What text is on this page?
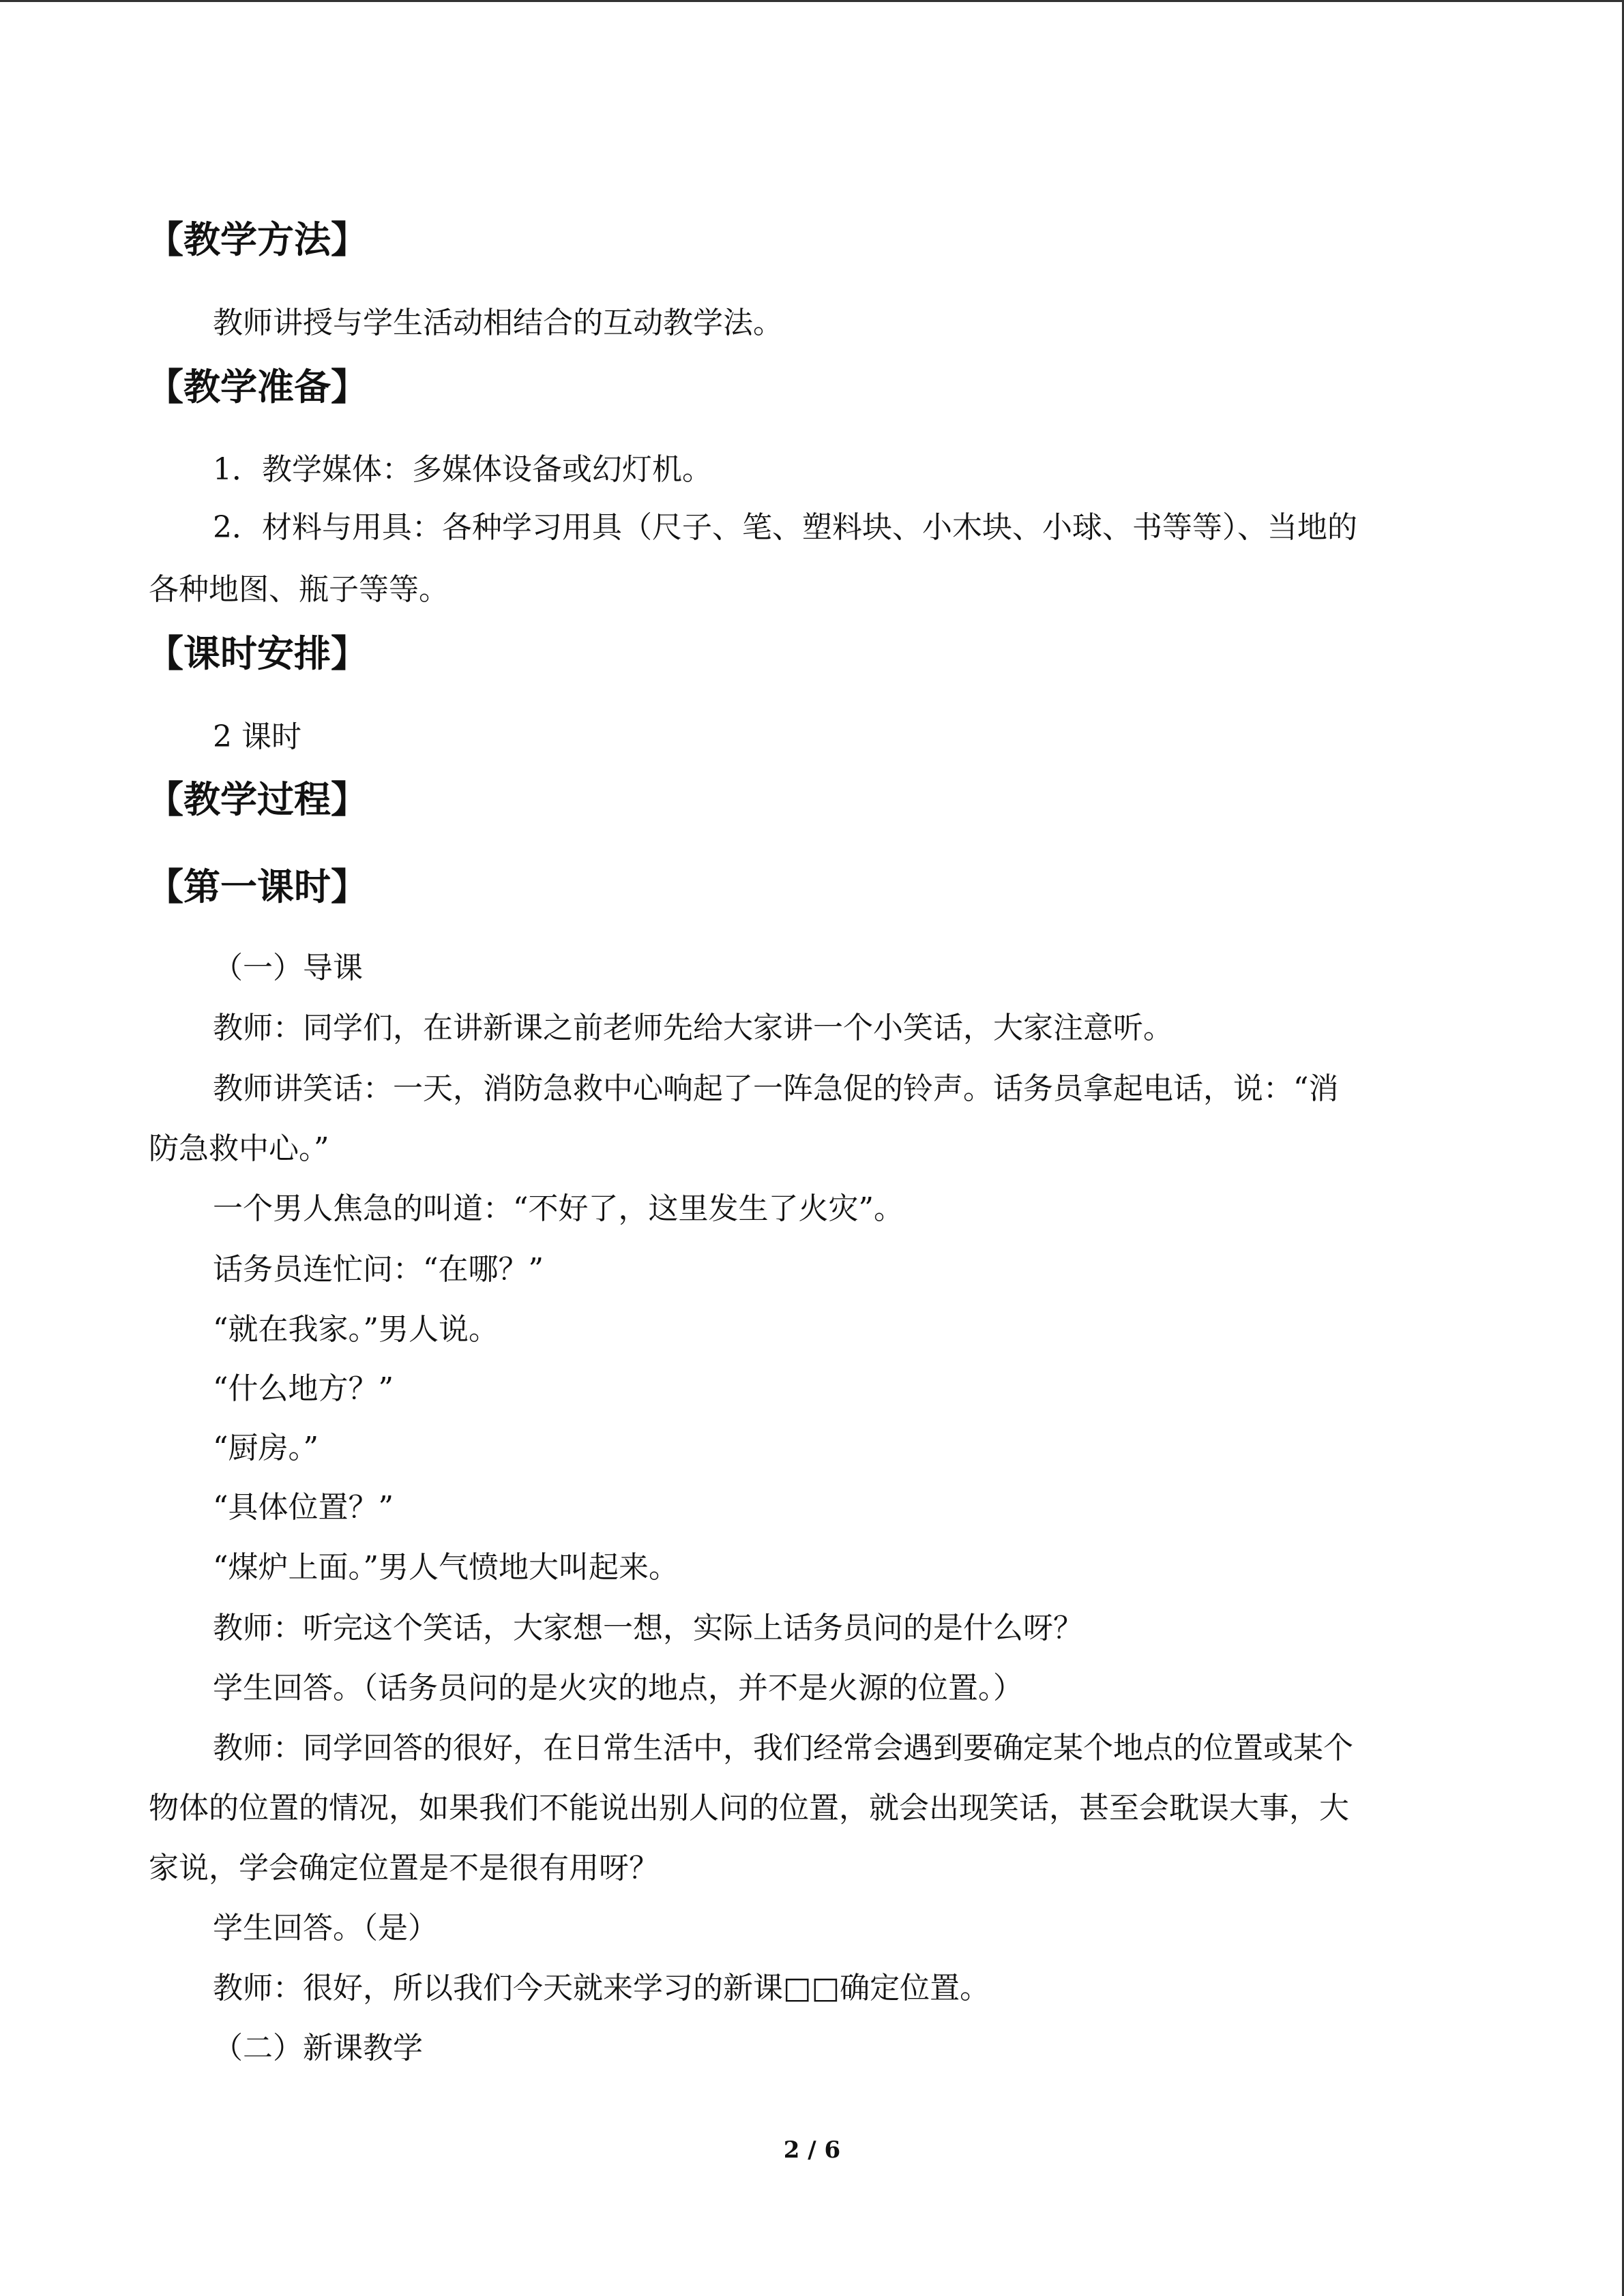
【教学方法】
教师讲授与学生活动相结合的互动教学法。
【教学准备】
1．教学媒体：多媒体设备或幻灯机。
2．材料与用具：各种学习用具（尺子、笔、塑料块、小木块、小球、书等等）、当地的
各种地图、瓶子等等。
【课时安排】
2 课时
【教学过程】
【第一课时】
（一）导课
教师：同学们，在讲新课之前老师先给大家讲一个小笑话，大家注意听。
教师讲笑话：一天，消防急救中心响起了一阵急促的铃声。话务员拿起电话，说：“消
防急救中心。”
一个男人焦急的叫道：“不好了，这里发生了火灾”。
话务员连忙问：“在哪？”
“就在我家。”男人说。
“什么地方？”
“厨房。”
“具体位置？”
“煤炉上面。”男人气愤地大叫起来。
教师：听完这个笑话，大家想一想，实际上话务员问的是什么呀？
学生回答。（话务员问的是火灾的地点，并不是火源的位置。）
教师：同学回答的很好，在日常生活中，我们经常会遇到要确定某个地点的位置或某个
物体的位置的情况，如果我们不能说出别人问的位置，就会出现笑话，甚至会耽误大事，大
家说，学会确定位置是不是很有用呀？
学生回答。（是）
教师：很好，所以我们今天就来学习的新课□□确定位置。
（二）新课教学
2 / 6
